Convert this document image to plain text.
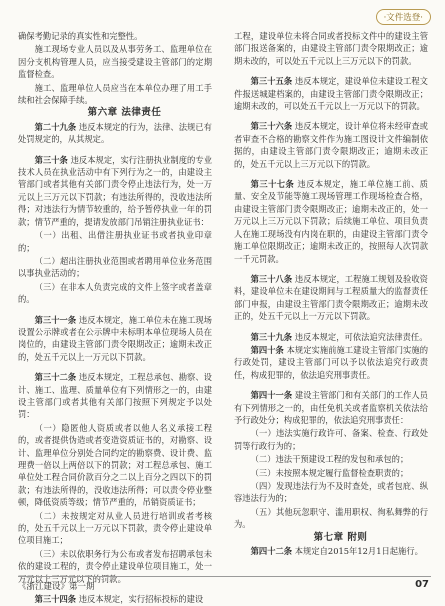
·文件选登·

确保考勤记录的真实性和完整性。

施工现场专业人员以及从事劳务工、监理单位在因分支机构管理人员，应当接受建设主管部门的定期监督检查。

施工、监理单位人员应当在本单位办理了用工手续和社会保障手续。

第六章 法律责任

第二十九条 违反本规定的行为，法律、法规已有处罚规定的，从其规定。

第三十条 违反本规定，实行注册执业制度的专业技术人员在执业活动中有下列行为之一的，由建设主管部门或者其他有关部门责令停止违法行为，处一万元以上三万元以下罚款；有违法所得的，没收违法所得；对违法行为情节较重的，给予暂停执业一年的罚款；情节严重的，提请发放部门吊销注册执业证书：

（一）出租、出借注册执业证书或者执业印章的；

（二）超出注册执业范围或者聘用单位业务范围以事执业活动的；

（三）在非本人负责完成的文件上签字或者盖章的。

第三十一条 违反本规定，施工单位未在施工现场设置公示牌或者在公示牌中未标明本单位现场人员在岗位的，由建设主管部门责令限期改正；逾期未改正的，处五千元以上一万元以下罚款。

第三十二条 违反本规定，工程总承包、勘察、设计、施工、监理、质量单位有下列情形之一的，由建设主管部门或者其他有关部门按照下列规定予以处罚：

（一）隐匿他人资质或者以他人名义承接工程的，或者提供伪造或者变造资质证书的，对勘察、设计、监理单位分别处合同约定的勘察费、设计费、监理费一倍以上两倍以下的罚款；对工程总承包、施工单位处工程合同价款百分之二以上百分之四以下的罚款；有违法所得的，没收违法所得；可以责令停业整顿，降低资质等级；情节严重的，吊销资质证书；

（二）未按规定对从业人员进行培训或者考核的，处五千元以上一万元以下罚款，责令停止建设单位项目施工；

（三）未以依职务行为公布或者发布招聘承包未依的建设工程的，责令停止建设单位项目施工，处一万元以上三万元以下的罚款。

第三十四条 违反本规定，实行招标投标的建设

工程，建设单位未将合同或者投标文件中的建设主管部门报送备案的，由建设主管部门责令限期改正；逾期未改的，可以处五千元以上三万元以下的罚款。

第三十五条 违反本规定，建设单位未建设工程文件报送城建档案的，由建设主管部门责令限期改正；逾期未改的，可以处五千元以上一万元以下的罚款。

第三十六条 违反本规定，设计单位将未经审查或者审查不合格的勘察文件作为施工图设计文件编制依据的，由建设主管部门责令限期改正；逾期未改正的，处五千元以上三万元以下的罚款。

第三十七条 违反本规定，施工单位施工前、质量、安全及节能等施工现场管理工作现场检查合格，由建设主管部门责令限期改正；逾期未改正的，处一万元以上三万元以下罚款；后续施工单位、项目负责人在施工现场没有内岗在职的，由建设主管部门责令施工单位限期改正；逾期未改正的，按照每人次罚款一千元罚款。

第三十八条 违反本规定，工程施工规划及验收资料，建设单位未在建设期间与工程质量大的监督责任部门申报，由建设主管部门责令限期改正；逾期未改正的，处五千元以上一万元以下罚款。

第三十九条 违反本规定，可依法追究法律责任。

第四十条 本规定实施前施工建设主管部门实施的行政处罚，建设主管部门可以予以依法追究行政责任，构成犯罪的，依法追究刑事责任。

第四十一条 建设主管部门和有关部门的工作人员有下列情形之一的，由任免机关或者监察机关依法给予行政处分；构成犯罪的，依法追究刑事责任：

（一）违法实施行政许可、备案、检查、行政处罚等行政行为的；

（二）违法干预建设工程的发包和承包的；

（三）未按照本规定履行监督检查职责的；

（四）发现违法行为不及时查处，或者包庇、纵容违法行为的；

（五）其他玩忽职守、滥用职权、徇私舞弊的行为。

第七章 附则

第四十二条 本规定自2015年12月1日起施行。

《浙江建设》第一期	07
